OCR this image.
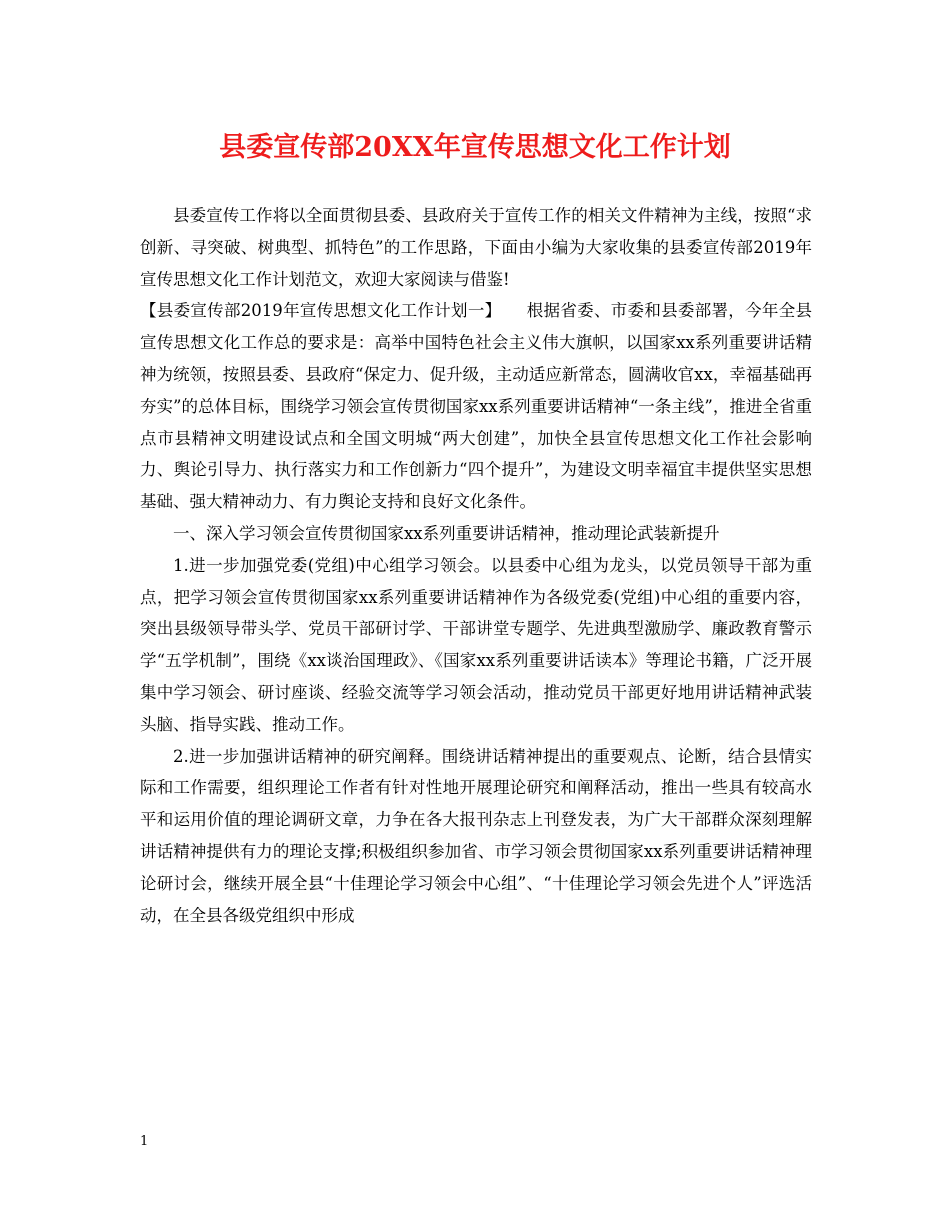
县委宣传部20XX年宣传思想文化工作计划

县委宣传工作将以全面贯彻县委、县政府关于宣传工作的相关文件精神为主线，按照“求创新、寻突破、树典型、抓特色”的工作思路，下面由小编为大家收集的县委宣传部2019年宣传思想文化工作计划范文，欢迎大家阅读与借鉴!

【县委宣传部2019年宣传思想文化工作计划一】　　根据省委、市委和县委部署，今年全县宣传思想文化工作总的要求是：高举中国特色社会主义伟大旗帜，以国家xx系列重要讲话精神为统领，按照县委、县政府“保定力、促升级，主动适应新常态，圆满收官xx，幸福基础再夯实”的总体目标，围绕学习领会宣传贯彻国家xx系列重要讲话精神“一条主线”，推进全省重点市县精神文明建设试点和全国文明城“两大创建”，加快全县宣传思想文化工作社会影响力、舆论引导力、执行落实力和工作创新力“四个提升”，为建设文明幸福宜丰提供坚实思想基础、强大精神动力、有力舆论支持和良好文化条件。

一、深入学习领会宣传贯彻国家xx系列重要讲话精神，推动理论武装新提升

1.进一步加强党委(党组)中心组学习领会。以县委中心组为龙头，以党员领导干部为重点，把学习领会宣传贯彻国家xx系列重要讲话精神作为各级党委(党组)中心组的重要内容，突出县级领导带头学、党员干部研讨学、干部讲堂专题学、先进典型激励学、廉政教育警示学“五学机制”，围绕《xx谈治国理政》、《国家xx系列重要讲话读本》等理论书籍，广泛开展集中学习领会、研讨座谈、经验交流等学习领会活动，推动党员干部更好地用讲话精神武装头脑、指导实践、推动工作。

2.进一步加强讲话精神的研究阐释。围绕讲话精神提出的重要观点、论断，结合县情实际和工作需要，组织理论工作者有针对性地开展理论研究和阐释活动，推出一些具有较高水平和运用价值的理论调研文章，力争在各大报刊杂志上刊登发表，为广大干部群众深刻理解讲话精神提供有力的理论支撑;积极组织参加省、市学习领会贯彻国家xx系列重要讲话精神理论研讨会，继续开展全县“十佳理论学习领会中心组”、“十佳理论学习领会先进个人”评选活动，在全县各级党组织中形成

1
